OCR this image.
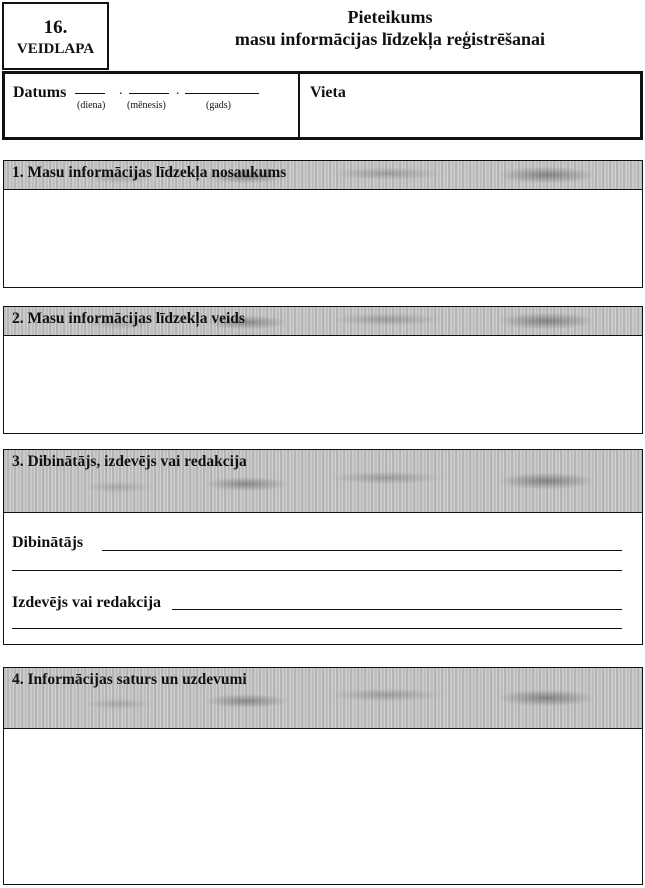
16.
VEIDLAPA
Pieteikums
masu informācijas līdzekļa reģistrēšanai
Datums	.	.
(diena) (mēnesis)	(gads)
Vieta
1. Masu informācijas līdzekļa nosaukums
2. Masu informācijas līdzekļa veids
3. Dibinātājs, izdevējs vai redakcija
Dibinātājs
Izdevējs vai redakcija
4. Informācijas saturs un uzdevumi
